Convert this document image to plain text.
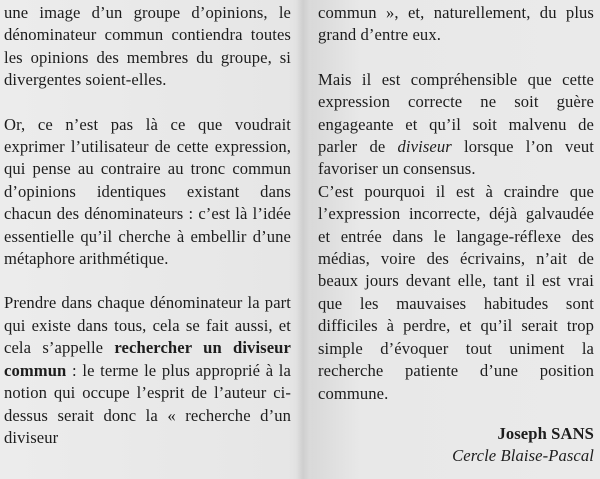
une image d’un groupe d’opinions, le dénominateur commun contiendra toutes les opinions des membres du groupe, si divergentes soient-elles.

Or, ce n’est pas là ce que voudrait exprimer l’utilisateur de cette expression, qui pense au contraire au tronc commun d’opinions identiques existant dans chacun des dénominateurs : c’est là l’idée essentielle qu’il cherche à embellir d’une métaphore arithmétique.

Prendre dans chaque dénominateur la part qui existe dans tous, cela se fait aussi, et cela s’appelle rechercher un diviseur commun : le terme le plus approprié à la notion qui occupe l’esprit de l’auteur ci-dessus serait donc la « recherche d’un diviseur

commun », et, naturellement, du plus grand d’entre eux.

Mais il est compréhensible que cette expression correcte ne soit guère engageante et qu’il soit malvenu de parler de diviseur lorsque l’on veut favoriser un consensus.

C’est pourquoi il est à craindre que l’expression incorrecte, déjà galvaudée et entrée dans le langage-réflexe des médias, voire des écrivains, n’ait de beaux jours devant elle, tant il est vrai que les mauvaises habitudes sont difficiles à perdre, et qu’il serait trop simple d’évoquer tout uniment la recherche patiente d’une position commune.

Joseph SANS
Cercle Blaise-Pascal
